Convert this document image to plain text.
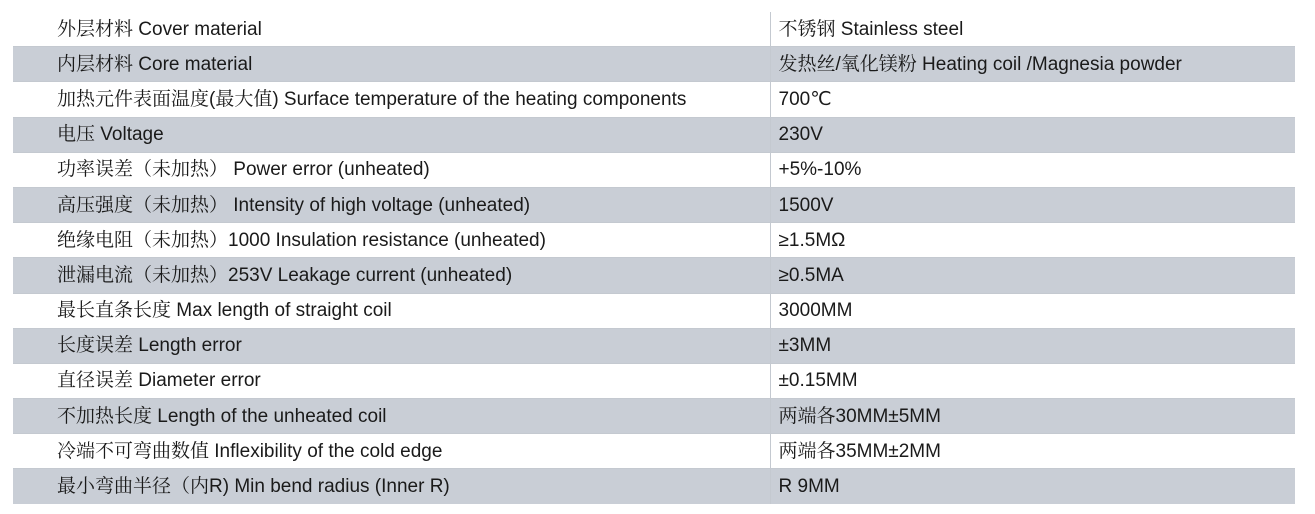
外层材料 Cover material	不锈钢 Stainless steel
内层材料 Core material	发热丝/氧化镁粉 Heating coil /Magnesia powder
加热元件表面温度(最大值) Surface temperature of the heating components	700℃
电压 Voltage	230V
功率误差（未加热） Power error (unheated)	+5%-10%
高压强度（未加热） Intensity of high voltage (unheated)	1500V
绝缘电阻（未加热）1000 Insulation resistance (unheated)	≥1.5MΩ
泄漏电流（未加热）253V Leakage current (unheated)	≥0.5MA
最长直条长度 Max length of straight coil	3000MM
长度误差 Length error	±3MM
直径误差 Diameter error	±0.15MM
不加热长度 Length of the unheated coil	两端各30MM±5MM
冷端不可弯曲数值 Inflexibility of the cold edge	两端各35MM±2MM
最小弯曲半径（内R) Min bend radius (Inner R)	R 9MM
